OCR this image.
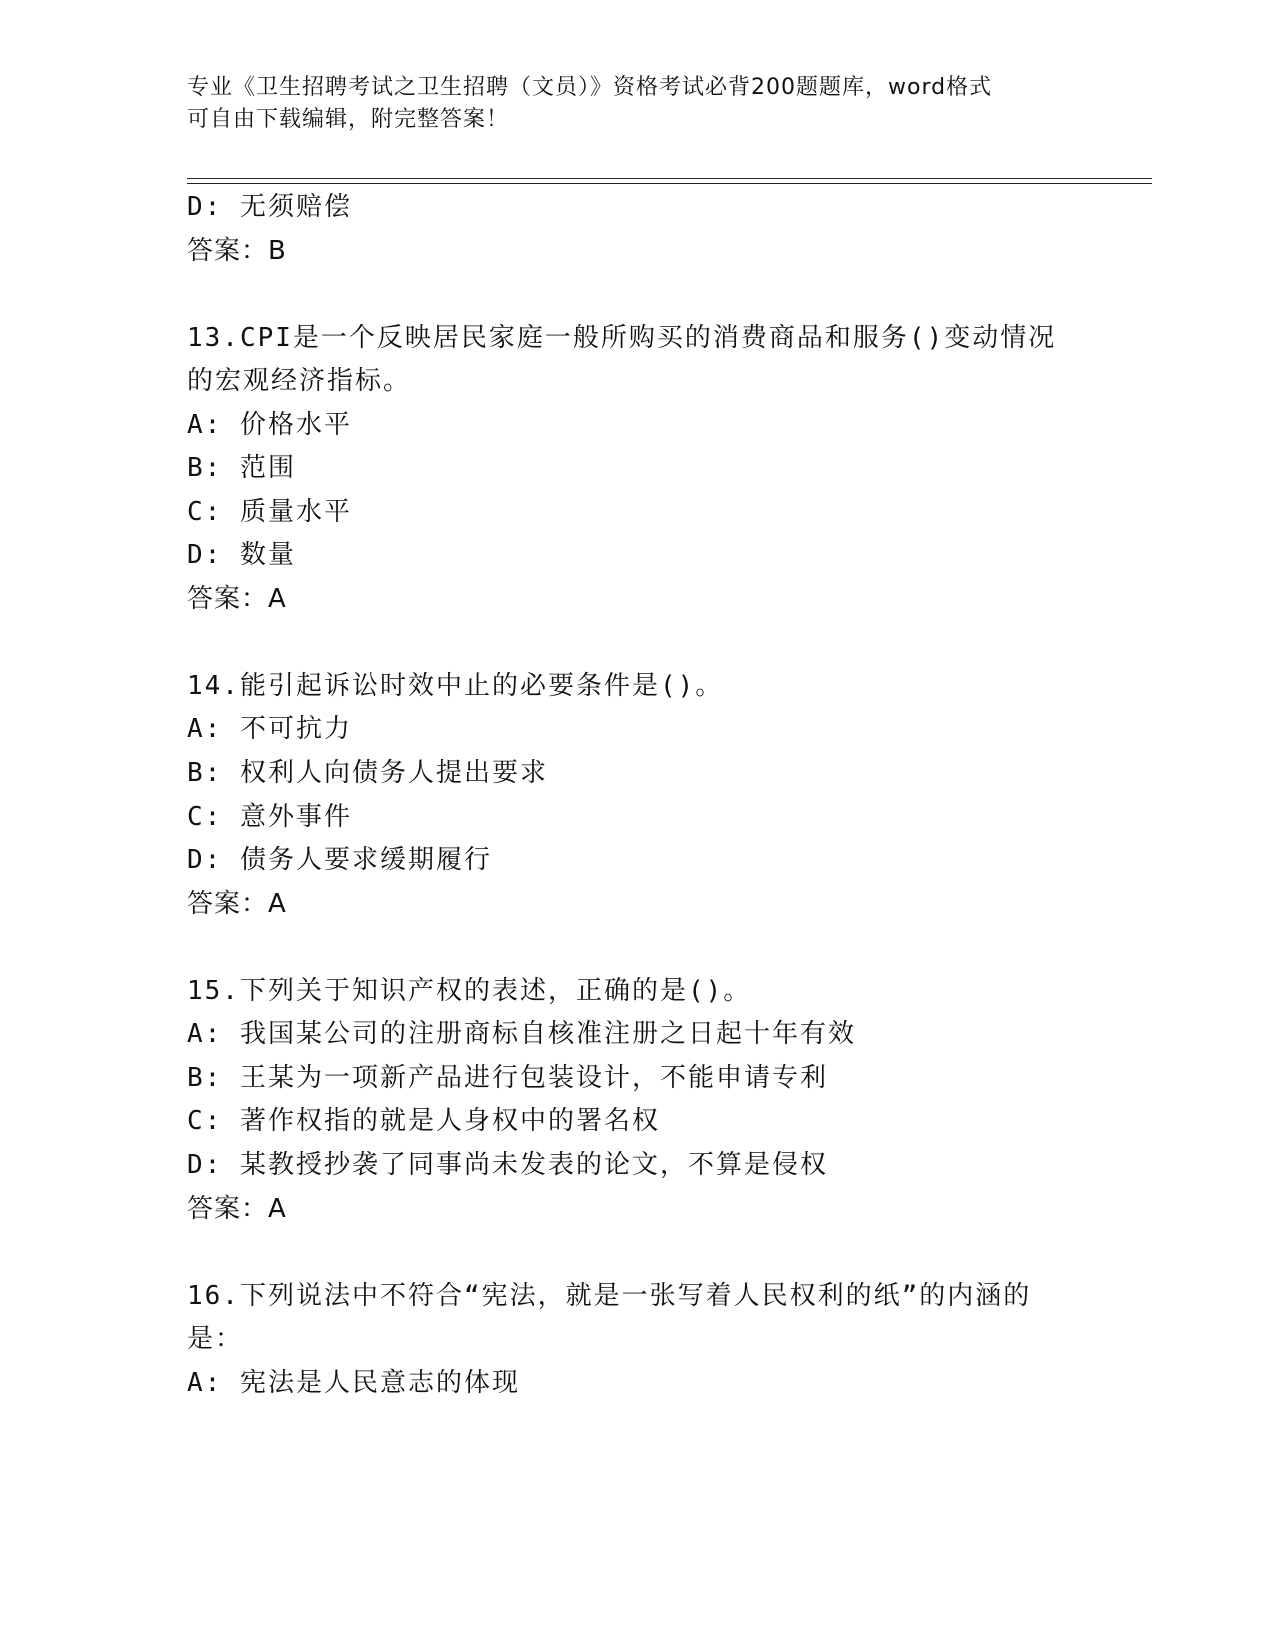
专业《卫生招聘考试之卫生招聘（文员）》资格考试必背200题题库，word格式
可自由下载编辑，附完整答案！
D: 无须赔偿
答案：B
13.CPI是一个反映居民家庭一般所购买的消费商品和服务()变动情况
的宏观经济指标。
A: 价格水平
B: 范围
C: 质量水平
D: 数量
答案：A
14.能引起诉讼时效中止的必要条件是()。
A: 不可抗力
B: 权利人向债务人提出要求
C: 意外事件
D: 债务人要求缓期履行
答案：A
15.下列关于知识产权的表述，正确的是()。
A: 我国某公司的注册商标自核准注册之日起十年有效
B: 王某为一项新产品进行包装设计，不能申请专利
C: 著作权指的就是人身权中的署名权
D: 某教授抄袭了同事尚未发表的论文，不算是侵权
答案：A
16.下列说法中不符合“宪法，就是一张写着人民权利的纸”的内涵的
是：
A: 宪法是人民意志的体现
